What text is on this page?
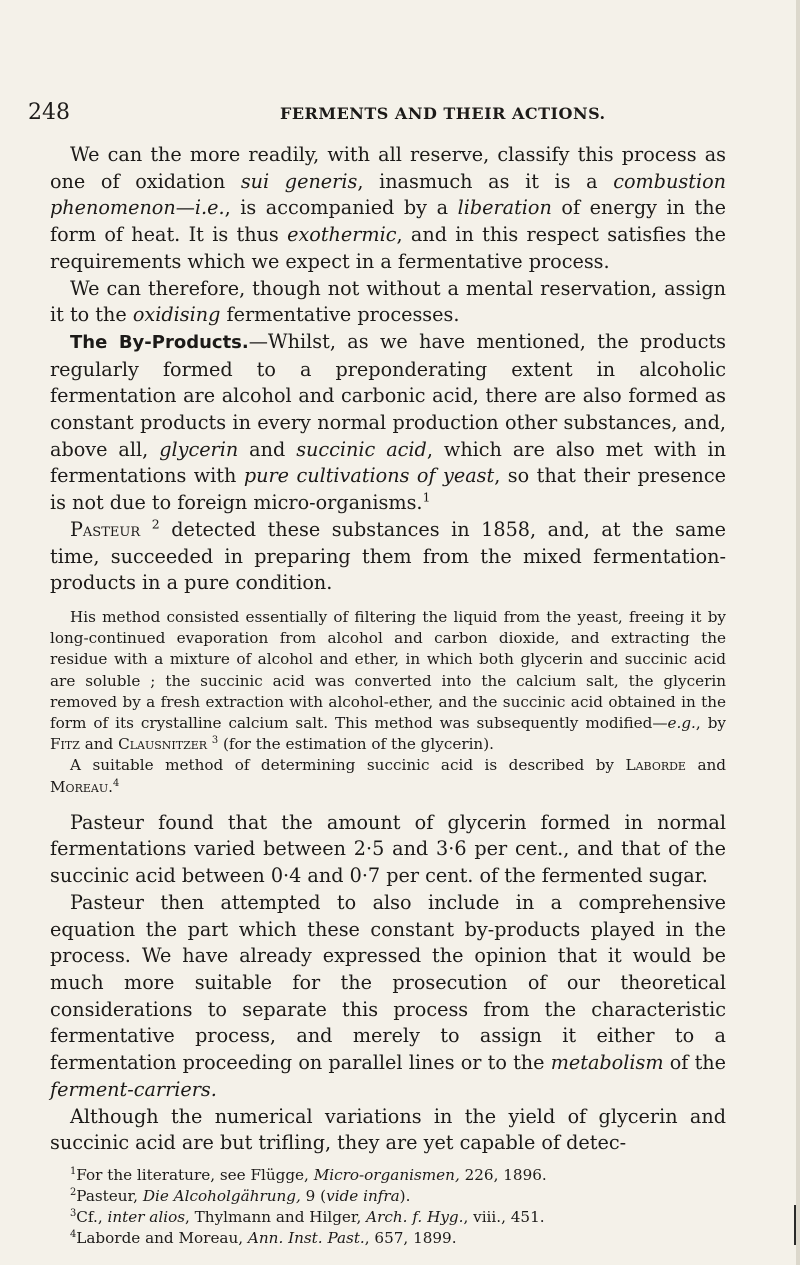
248	FERMENTS AND THEIR ACTIONS.

We can the more readily, with all reserve, classify this process as one of oxidation sui generis, inasmuch as it is a combustion phenomenon—i.e., is accompanied by a liberation of energy in the form of heat. It is thus exothermic, and in this respect satisfies the requirements which we expect in a fermentative process.

We can therefore, though not without a mental reservation, assign it to the oxidising fermentative processes.

The By-Products.—Whilst, as we have mentioned, the products regularly formed to a preponderating extent in alcoholic fermentation are alcohol and carbonic acid, there are also formed as constant products in every normal production other substances, and, above all, glycerin and succinic acid, which are also met with in fermentations with pure cultivations of yeast, so that their presence is not due to foreign micro-organisms.$^1$

Pasteur $^2$ detected these substances in 1858, and, at the same time, succeeded in preparing them from the mixed fermentation-products in a pure condition.

His method consisted essentially of filtering the liquid from the yeast, freeing it by long-continued evaporation from alcohol and carbon dioxide, and extracting the residue with a mixture of alcohol and ether, in which both glycerin and succinic acid are soluble ; the succinic acid was converted into the calcium salt, the glycerin removed by a fresh extraction with alcohol-ether, and the succinic acid obtained in the form of its crystalline calcium salt. This method was subsequently modified—e.g., by Fitz and Clausnitzer $^3$ (for the estimation of the glycerin).

A suitable method of determining succinic acid is described by Laborde and Moreau.$^4$

Pasteur found that the amount of glycerin formed in normal fermentations varied between 2·5 and 3·6 per cent., and that of the succinic acid between 0·4 and 0·7 per cent. of the fermented sugar.

Pasteur then attempted to also include in a comprehensive equation the part which these constant by-products played in the process. We have already expressed the opinion that it would be much more suitable for the prosecution of our theoretical considerations to separate this process from the characteristic fermentative process, and merely to assign it either to a fermentation proceeding on parallel lines or to the metabolism of the ferment-carriers.

Although the numerical variations in the yield of glycerin and succinic acid are but trifling, they are yet capable of detec-

$^1$For the literature, see Flügge, Micro-organismen, 226, 1896.

$^2$Pasteur, Die Alcoholgährung, 9 (vide infra).

$^3$Cf., inter alios, Thylmann and Hilger, Arch. f. Hyg., viii., 451.

$^4$Laborde and Moreau, Ann. Inst. Past., 657, 1899.
